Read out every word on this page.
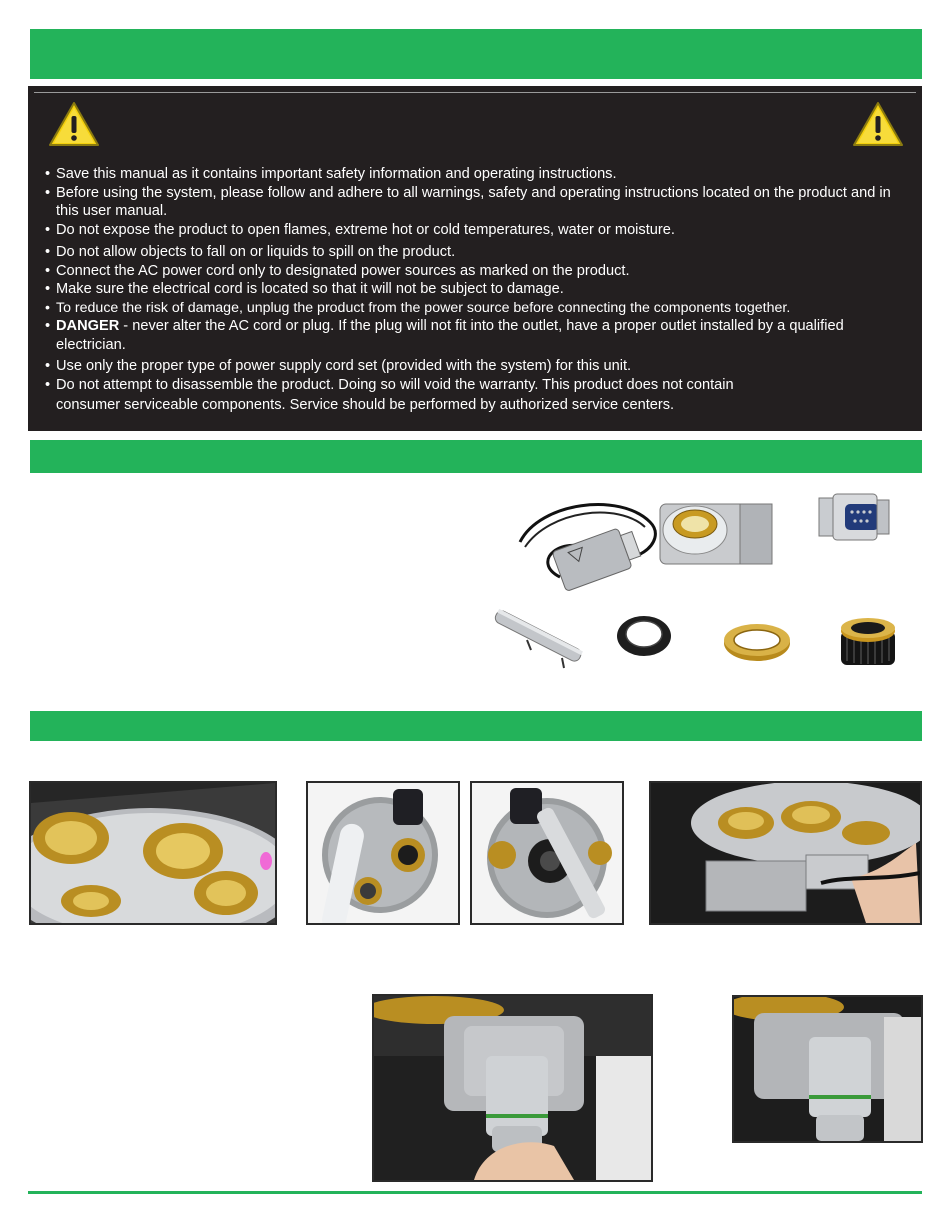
• Save this manual as it contains important safety information and operating instructions.
• Before using the system, please follow and adhere to all warnings, safety and operating instructions located on the product and in this user manual.
• Do not expose the product to open flames, extreme hot or cold temperatures, water or moisture.
• Do not allow objects to fall on or liquids to spill on the product.
• Connect the AC power cord only to designated power sources as marked on the product.
• Make sure the electrical cord is located so that it will not be subject to damage.
• To reduce the risk of damage, unplug the product from the power source before connecting the components together.
• DANGER - never alter the AC cord or plug. If the plug will not fit into the outlet, have a proper outlet installed by a qualified electrician.
• Use only the proper type of power supply cord set (provided with the system) for this unit.
• Do not attempt to disassemble the product. Doing so will void the warranty. This product does not contain
consumer serviceable components. Service should be performed by authorized service centers.
